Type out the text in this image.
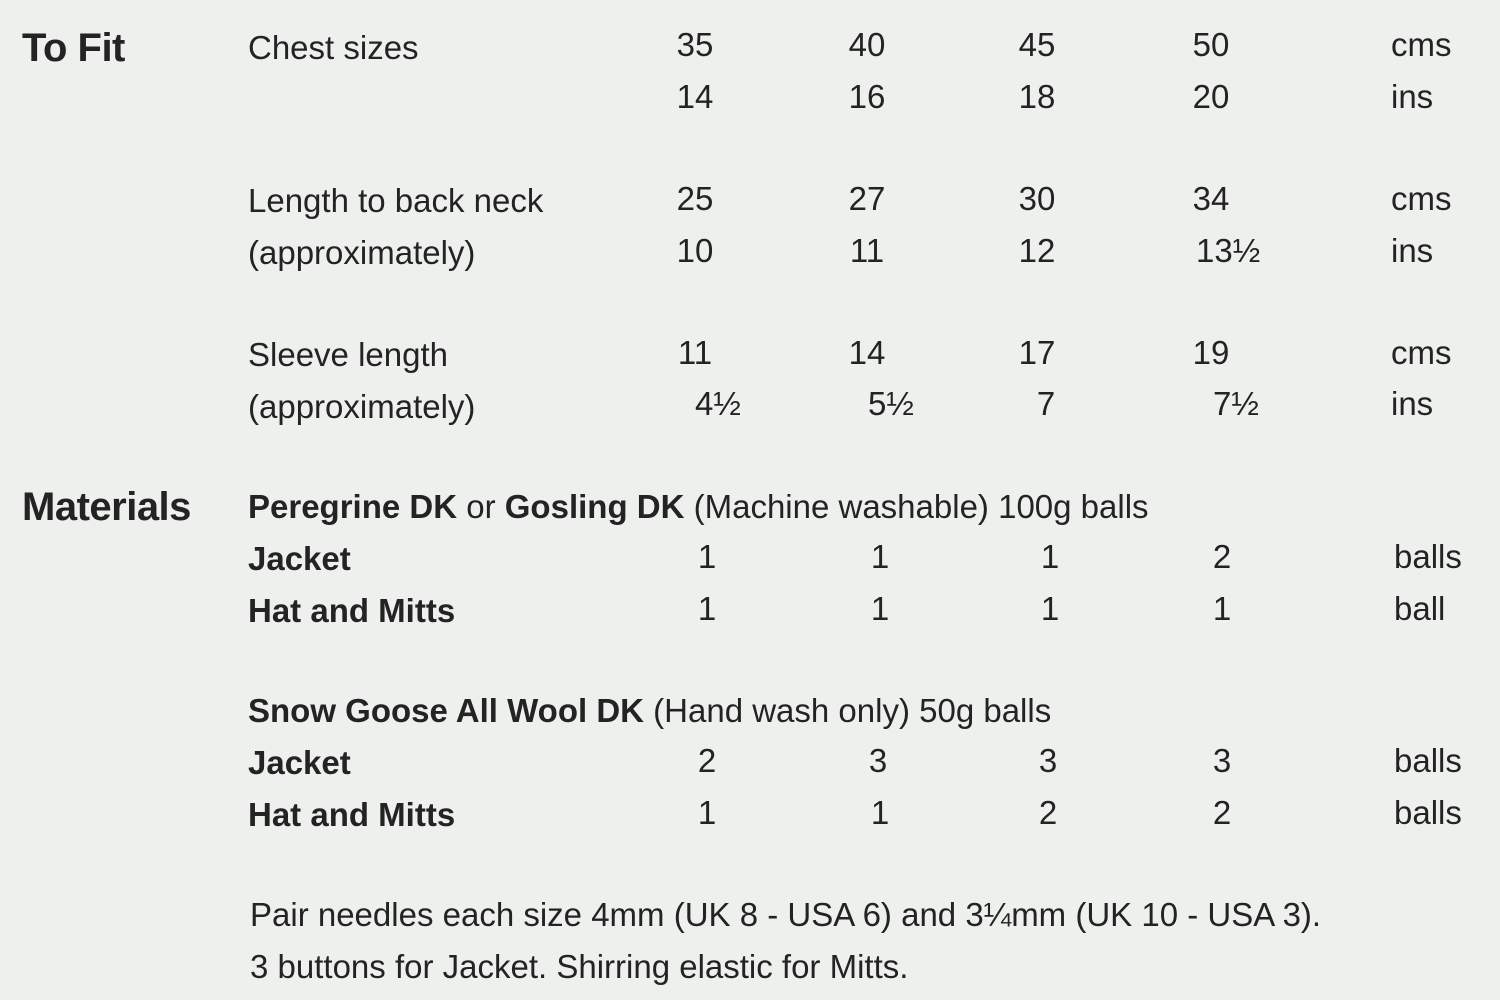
To Fit	Chest sizes	35	40	45	50	cms
14	16	18	20	ins
Length to back neck
(approximately)
25	27	30	34	cms
10	11	12	13½	ins
Sleeve length
(approximately)
11	14	17	19	cms
4½	5½	7	7½	ins
Materials Peregrine DK or Gosling DK (Machine washable) 100g balls
Jacket	1	1	1	2	balls
Hat and Mitts	1	1	1	1	ball
Snow Goose All Wool DK (Hand wash only) 50g balls
Jacket	2	3	3	3	balls
Hat and Mitts	1	1	2	2	balls
Pair needles each size 4mm (UK 8 - USA 6) and 3¼mm (UK 10 - USA 3).
3 buttons for Jacket. Shirring elastic for Mitts.
